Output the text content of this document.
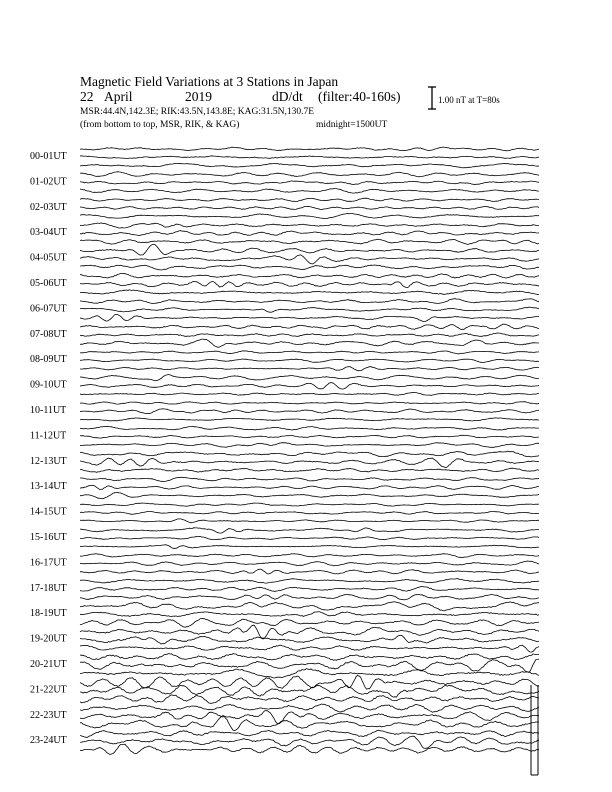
Magnetic Field Variations at 3 Stations in Japan
22 April	2019	dD/dt (filter:40-160s)
MSR:44.4N,142.3E; RIK:43.5N,143.8E; KAG:31.5N,130.7E
(from bottom to top, MSR, RIK, & KAG)	midnight=1500UT
1.00 nT at T=80s
00-01UT
01-02UT
02-03UT
03-04UT
04-05UT
05-06UT
06-07UT
07-08UT
08-09UT
09-10UT
10-11UT
11-12UT
12-13UT
13-14UT
14-15UT
15-16UT
16-17UT
17-18UT
18-19UT
19-20UT
20-21UT
21-22UT
22-23UT
23-24UT
